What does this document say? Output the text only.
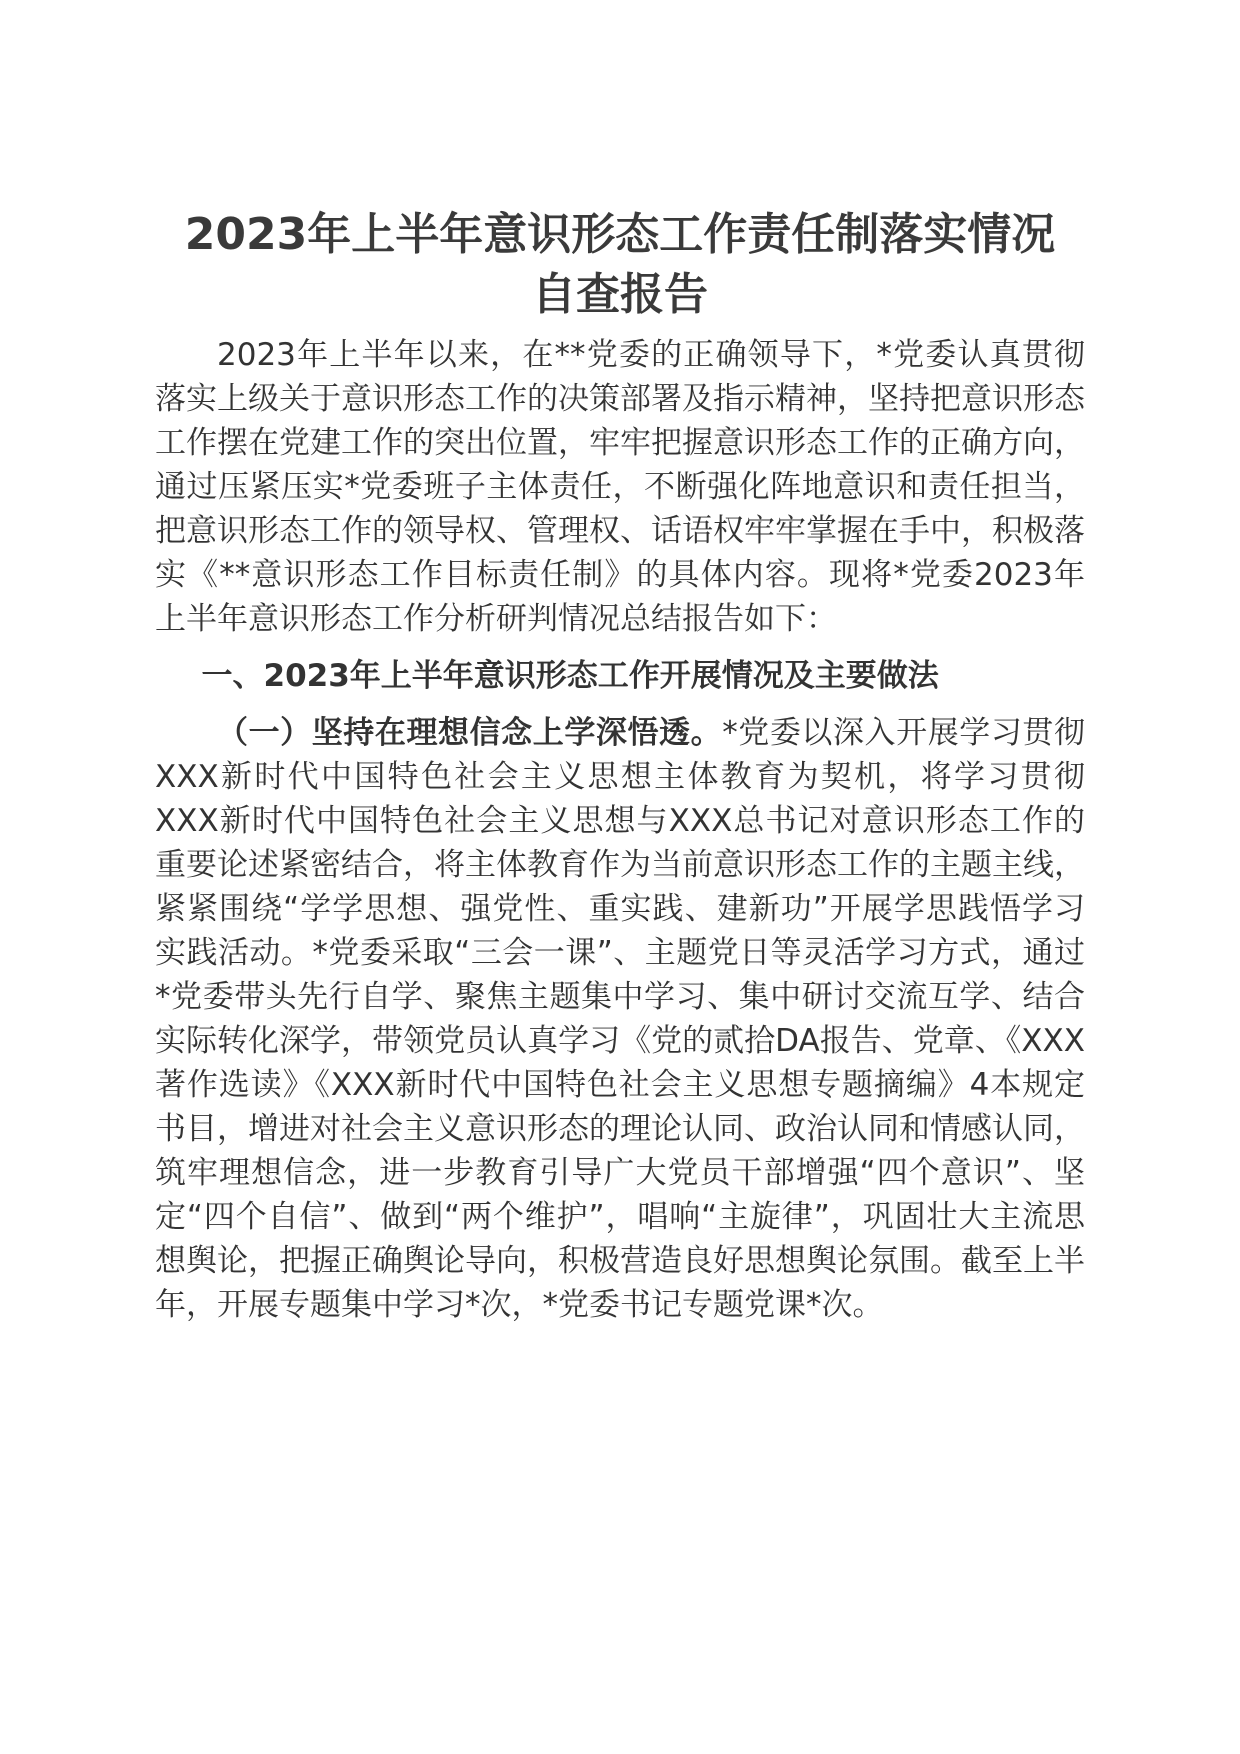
2023年上半年意识形态工作责任制落实情况
自查报告

2023年上半年以来，在**党委的正确领导下，*党委认真贯彻落实上级关于意识形态工作的决策部署及指示精神，坚持把意识形态工作摆在党建工作的突出位置，牢牢把握意识形态工作的正确方向，通过压紧压实*党委班子主体责任，不断强化阵地意识和责任担当，把意识形态工作的领导权、管理权、话语权牢牢掌握在手中，积极落实《**意识形态工作目标责任制》的具体内容。现将*党委2023年上半年意识形态工作分析研判情况总结报告如下：

一、2023年上半年意识形态工作开展情况及主要做法

（一）坚持在理想信念上学深悟透。*党委以深入开展学习贯彻XXX新时代中国特色社会主义思想主体教育为契机，将学习贯彻XXX新时代中国特色社会主义思想与XXX总书记对意识形态工作的重要论述紧密结合，将主体教育作为当前意识形态工作的主题主线，紧紧围绕“学学思想、强党性、重实践、建新功”开展学思践悟学习实践活动。*党委采取“三会一课”、主题党日等灵活学习方式，通过*党委带头先行自学、聚焦主题集中学习、集中研讨交流互学、结合实际转化深学，带领党员认真学习《党的贰拾DA报告、党章、《XXX著作选读》《XXX新时代中国特色社会主义思想专题摘编》4本规定书目，增进对社会主义意识形态的理论认同、政治认同和情感认同，筑牢理想信念，进一步教育引导广大党员干部增强“四个意识”、坚定“四个自信”、做到“两个维护”，唱响“主旋律”，巩固壮大主流思想舆论，把握正确舆论导向，积极营造良好思想舆论氛围。截至上半年，开展专题集中学习*次，*党委书记专题党课*次。
